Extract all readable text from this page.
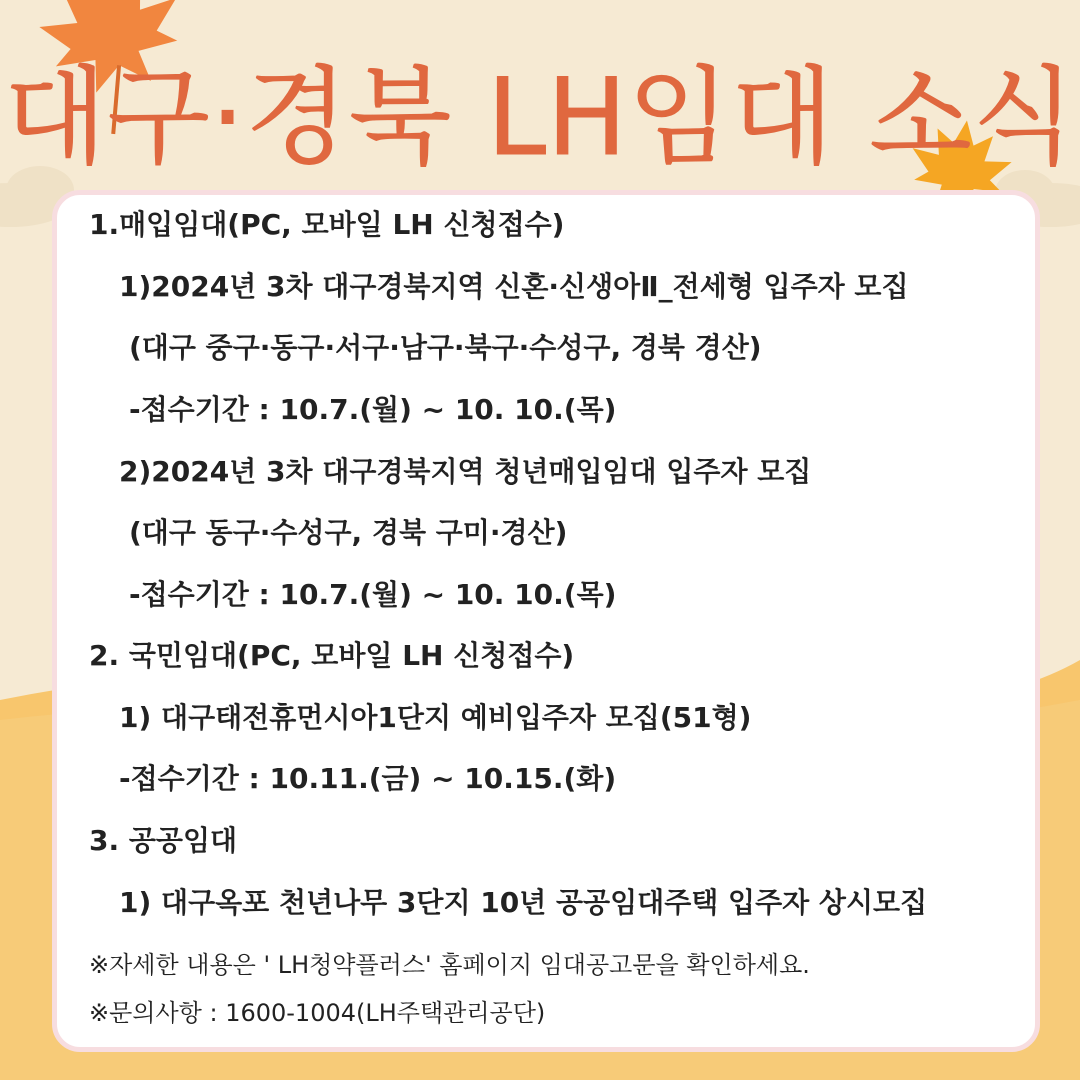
대구·경북 LH임대 소식

1.매입임대(PC, 모바일 LH 신청접수)

1)2024년 3차 대구경북지역 신혼·신생아Ⅱ_전세형 입주자 모집

(대구 중구·동구·서구·남구·북구·수성구, 경북 경산)

-접수기간 : 10.7.(월) ~ 10. 10.(목)

2)2024년 3차 대구경북지역 청년매입임대 입주자 모집

(대구 동구·수성구, 경북 구미·경산)

-접수기간 : 10.7.(월) ~ 10. 10.(목)

2. 국민임대(PC, 모바일 LH 신청접수)

1) 대구태전휴먼시아1단지 예비입주자 모집(51형)

-접수기간 : 10.11.(금) ~ 10.15.(화)

3. 공공임대

1) 대구옥포 천년나무 3단지 10년 공공임대주택 입주자 상시모집

※자세한 내용은 ' LH청약플러스' 홈페이지 임대공고문을 확인하세요.

※문의사항 : 1600-1004(LH주택관리공단)
